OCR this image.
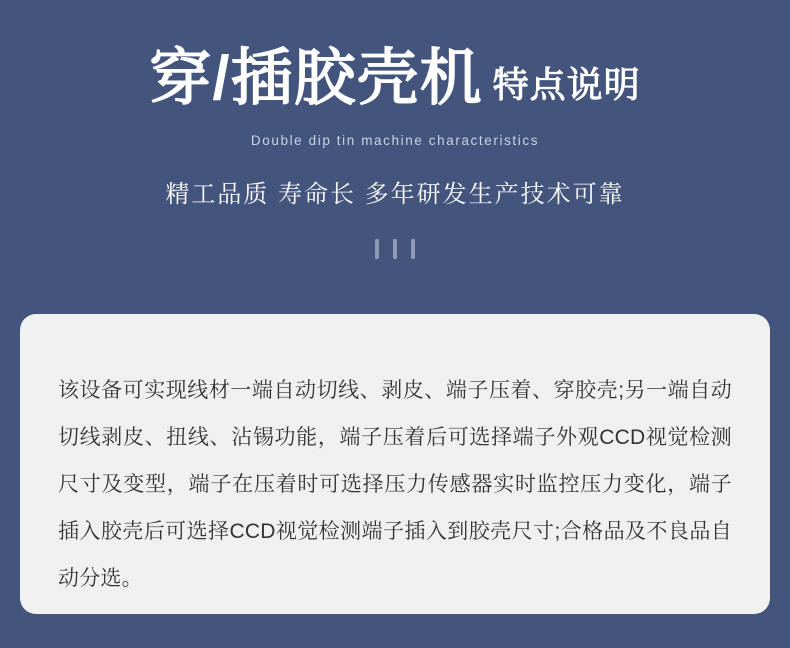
穿/插胶壳机 特点说明
Double dip tin machine characteristics
精工品质 寿命长 多年研发生产技术可靠

该设备可实现线材一端自动切线、剥皮、端子压着、穿胶壳;另一端自动切线剥皮、扭线、沾锡功能，端子压着后可选择端子外观CCD视觉检测尺寸及变型，端子在压着时可选择压力传感器实时监控压力变化，端子插入胶壳后可选择CCD视觉检测端子插入到胶壳尺寸;合格品及不良品自动分选。
